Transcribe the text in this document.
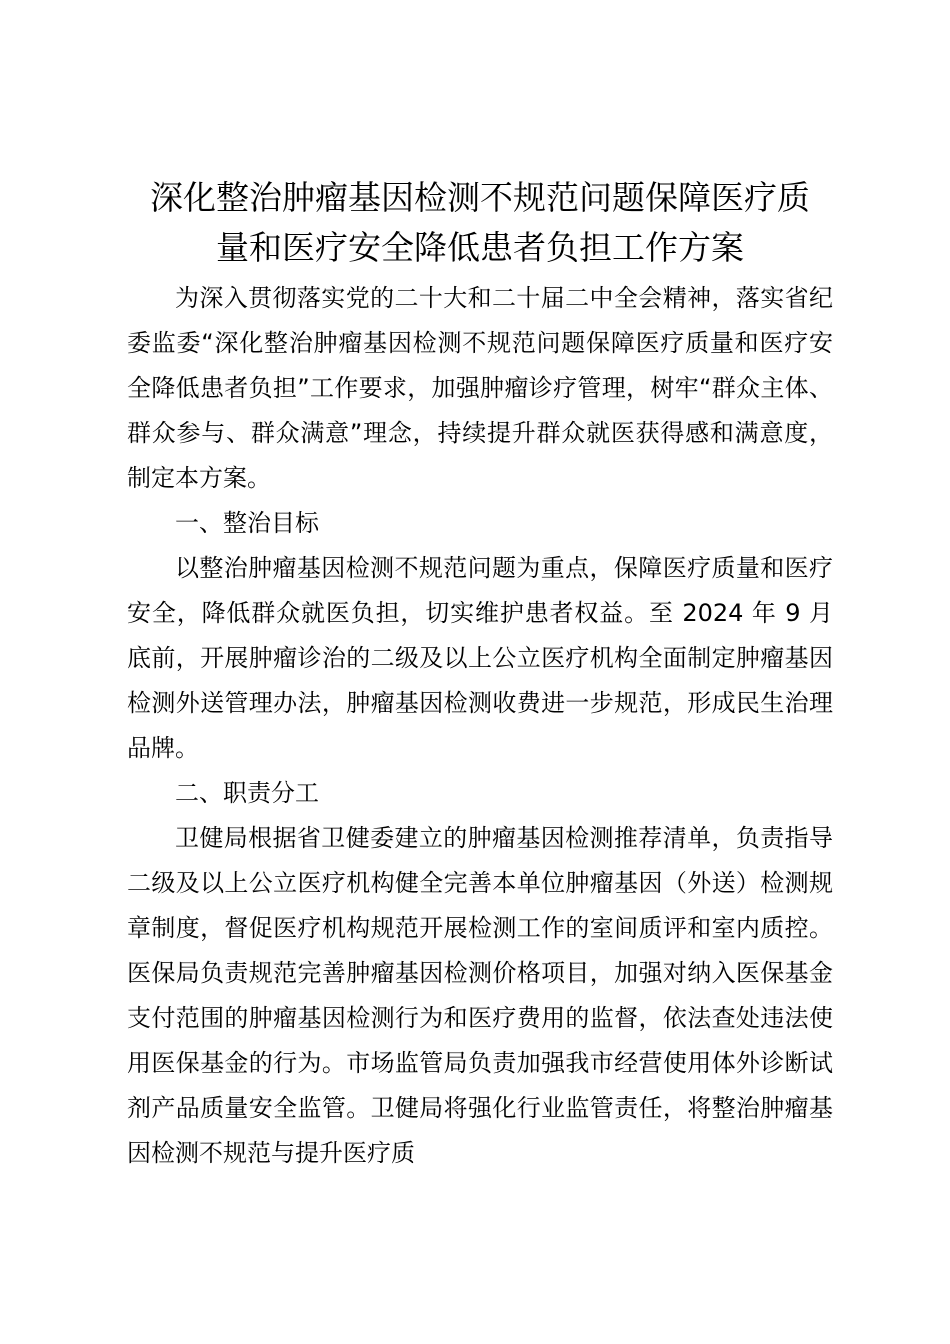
深化整治肿瘤基因检测不规范问题保障医疗质
量和医疗安全降低患者负担工作方案

为深入贯彻落实党的二十大和二十届二中全会精神，落实省纪委监委“深化整治肿瘤基因检测不规范问题保障医疗质量和医疗安全降低患者负担”工作要求，加强肿瘤诊疗管理，树牢“群众主体、群众参与、群众满意”理念，持续提升群众就医获得感和满意度，制定本方案。

一、整治目标

以整治肿瘤基因检测不规范问题为重点，保障医疗质量和医疗安全，降低群众就医负担，切实维护患者权益。至 2024 年 9 月底前，开展肿瘤诊治的二级及以上公立医疗机构全面制定肿瘤基因检测外送管理办法，肿瘤基因检测收费进一步规范，形成民生治理品牌。

二、职责分工

卫健局根据省卫健委建立的肿瘤基因检测推荐清单，负责指导二级及以上公立医疗机构健全完善本单位肿瘤基因（外送）检测规章制度，督促医疗机构规范开展检测工作的室间质评和室内质控。医保局负责规范完善肿瘤基因检测价格项目，加强对纳入医保基金支付范围的肿瘤基因检测行为和医疗费用的监督，依法查处违法使用医保基金的行为。市场监管局负责加强我市经营使用体外诊断试剂产品质量安全监管。卫健局将强化行业监管责任，将整治肿瘤基因检测不规范与提升医疗质
